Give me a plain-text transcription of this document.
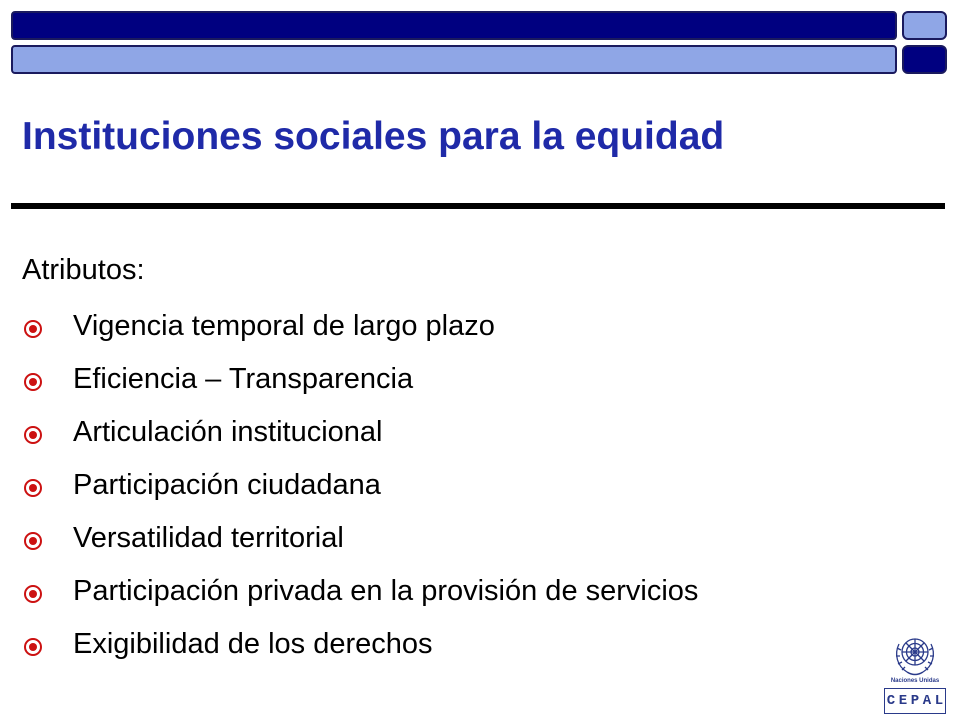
Instituciones sociales para la equidad
Atributos:
Vigencia temporal de largo plazo
Eficiencia – Transparencia
Articulación institucional
Participación ciudadana
Versatilidad territorial
Participación privada en la provisión de servicios
Exigibilidad de los derechos
Naciones Unidas
C E P A L
